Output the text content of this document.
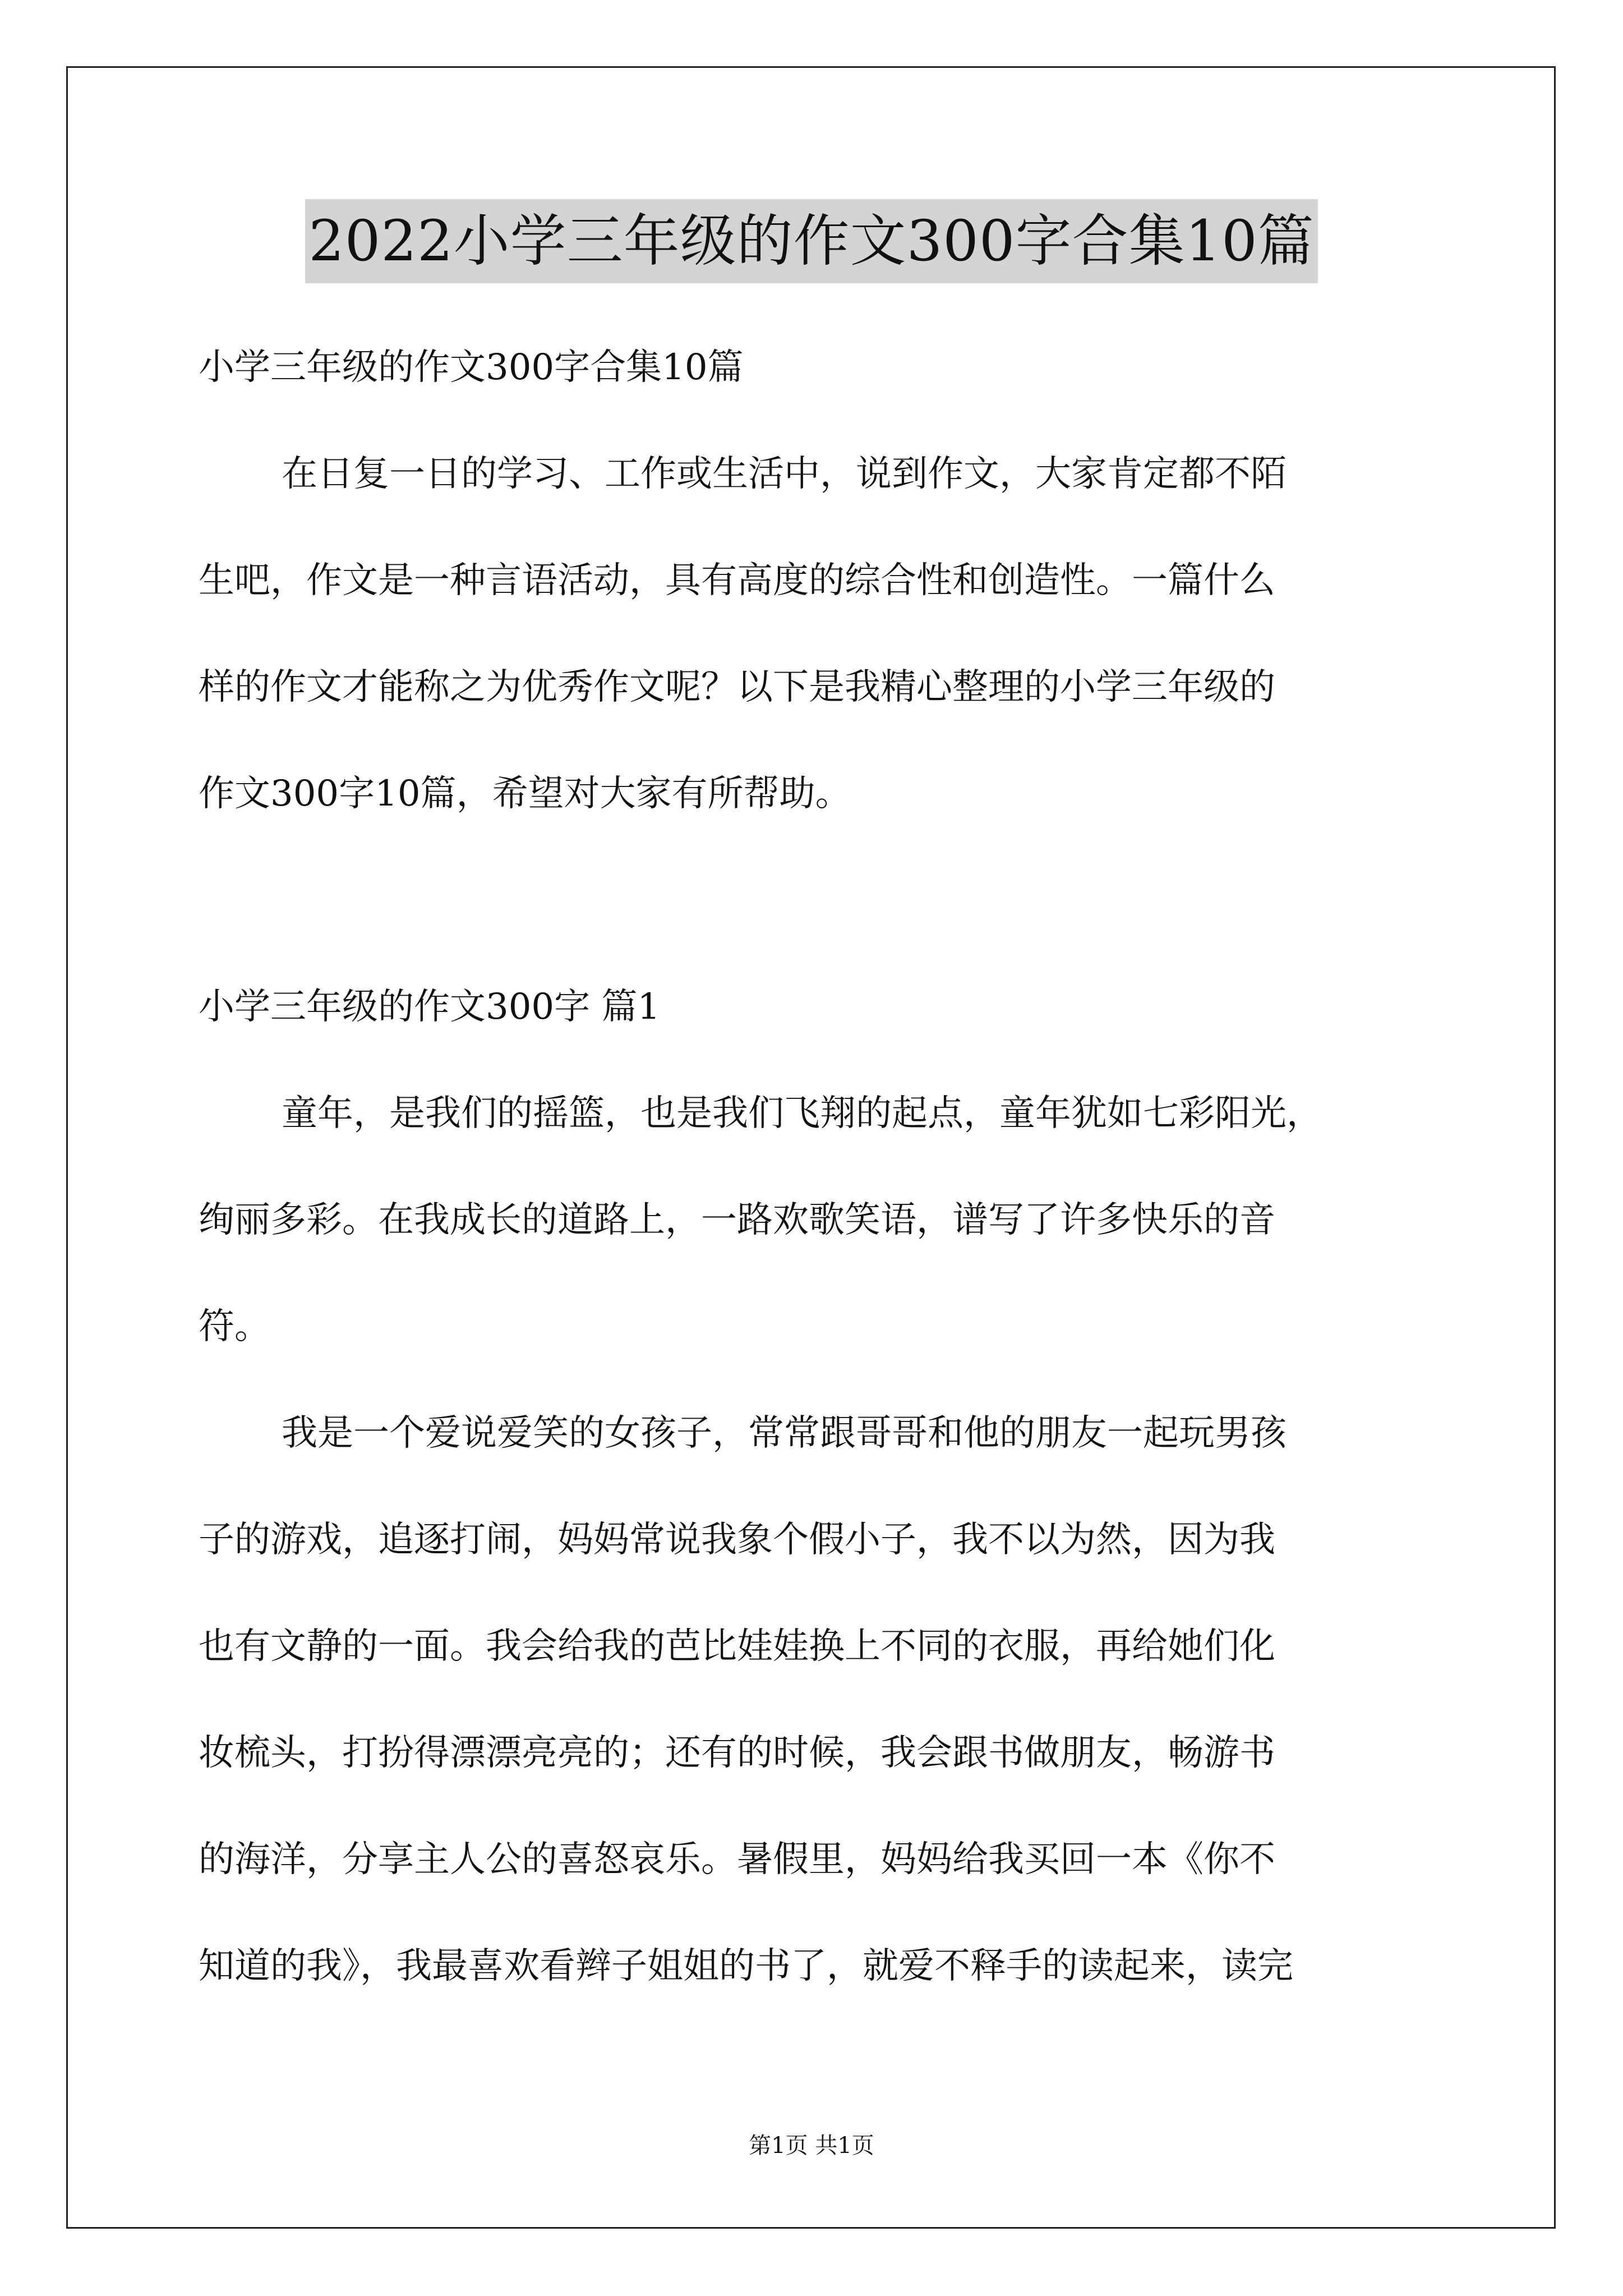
2022小学三年级的作文300字合集10篇
小学三年级的作文300字合集10篇
在日复一日的学习、工作或生活中，说到作文，大家肯定都不陌
生吧，作文是一种言语活动，具有高度的综合性和创造性。一篇什么
样的作文才能称之为优秀作文呢？以下是我精心整理的小学三年级的
作文300字10篇，希望对大家有所帮助。
小学三年级的作文300字 篇1
童年，是我们的摇篮，也是我们飞翔的起点，童年犹如七彩阳光，
绚丽多彩。在我成长的道路上，一路欢歌笑语，谱写了许多快乐的音
符。
我是一个爱说爱笑的女孩子，常常跟哥哥和他的朋友一起玩男孩
子的游戏，追逐打闹，妈妈常说我象个假小子，我不以为然，因为我
也有文静的一面。我会给我的芭比娃娃换上不同的衣服，再给她们化
妆梳头，打扮得漂漂亮亮的；还有的时候，我会跟书做朋友，畅游书
的海洋，分享主人公的喜怒哀乐。暑假里，妈妈给我买回一本《你不
知道的我》，我最喜欢看辫子姐姐的书了，就爱不释手的读起来，读完
第1页 共1页
